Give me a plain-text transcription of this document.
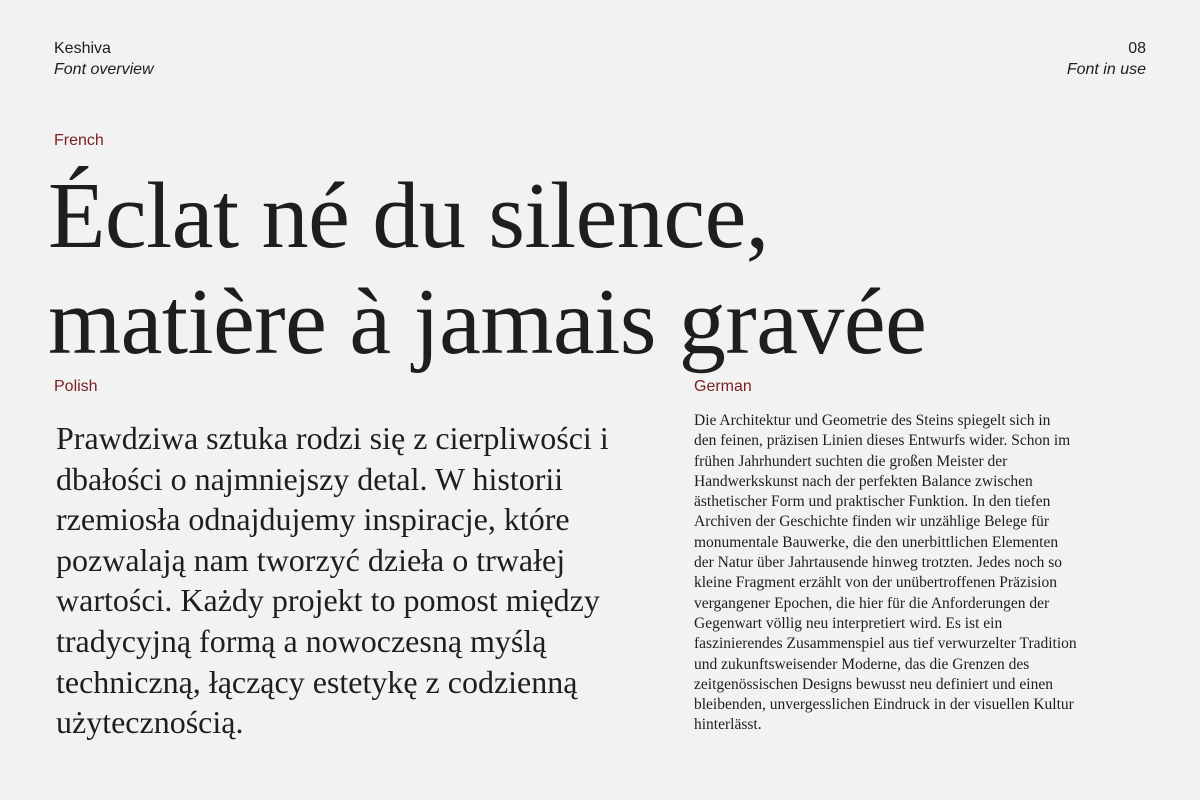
Keshiva
Font overview
08
Font in use
French
Éclat né du silence,
matière à jamais gravée
Polish

Prawdziwa sztuka rodzi się z cierpliwości i
dbałości o najmniejszy detal. W historii
rzemiosła odnajdujemy inspiracje, które
pozwalają nam tworzyć dzieła o trwałej
wartości. Każdy projekt to pomost między
tradycyjną formą a nowoczesną myślą
techniczną, łączący estetykę z codzienną
użytecznością.

German

Die Architektur und Geometrie des Steins spiegelt sich in
den feinen, präzisen Linien dieses Entwurfs wider. Schon im
frühen Jahrhundert suchten die großen Meister der
Handwerkskunst nach der perfekten Balance zwischen
ästhetischer Form und praktischer Funktion. In den tiefen
Archiven der Geschichte finden wir unzählige Belege für
monumentale Bauwerke, die den unerbittlichen Elementen
der Natur über Jahrtausende hinweg trotzten. Jedes noch so
kleine Fragment erzählt von der unübertroffenen Präzision
vergangener Epochen, die hier für die Anforderungen der
Gegenwart völlig neu interpretiert wird. Es ist ein
faszinierendes Zusammenspiel aus tief verwurzelter Tradition
und zukunftsweisender Moderne, das die Grenzen des
zeitgenössischen Designs bewusst neu definiert und einen
bleibenden, unvergesslichen Eindruck in der visuellen Kultur
hinterlässt.
